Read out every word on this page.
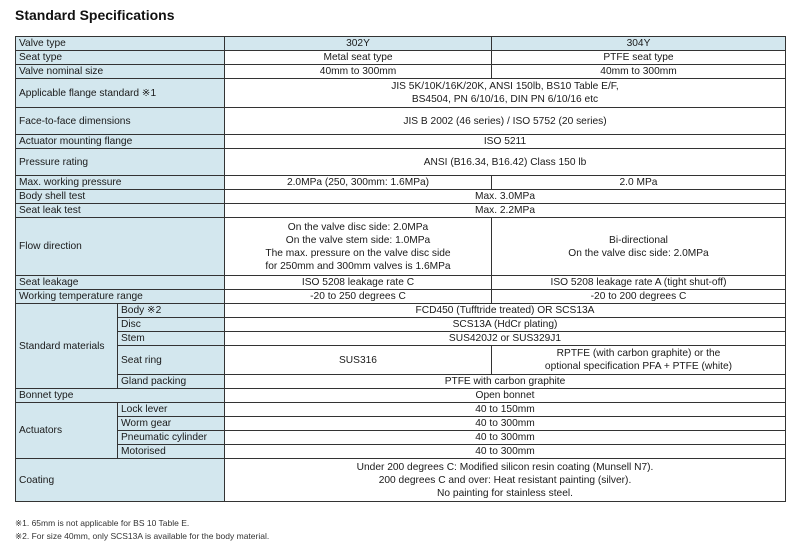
Standard Specifications
Valve type		302Y	304Y
Seat type		Metal seat type	PTFE seat type
Valve nominal size		40mm to 300mm	40mm to 300mm
Applicable flange standard ※1		JIS 5K/10K/16K/20K, ANSI 150lb, BS10 Table E/F,
BS4504, PN 6/10/16, DIN PN 6/10/16 etc	

Face-to-face dimensions		JIS B 2002 (46 series) / ISO 5752 (20 series)	
Actuator mounting flange		ISO 5211	
Pressure rating		ANSI (B16.34, B16.42) Class 150 lb	
Max. working pressure		2.0MPa (250, 300mm: 1.6MPa)	2.0 MPa
Body shell test		Max. 3.0MPa	
Seat leak test		Max. 2.2MPa	
Flow direction		On the valve disc side: 2.0MPa
On the valve stem side: 1.0MPa
The max. pressure on the valve disc side
for 250mm and 300mm valves is 1.6MPa	Bi-directional
On the valve disc side: 2.0MPa

Seat leakage		ISO 5208 leakage rate C	ISO 5208 leakage rate A (tight shut-off)
Working temperature range		-20 to 250 degrees C	-20 to 200 degrees C
Standard materials	Body ※2	FCD450 (Tufftride treated) OR SCS13A	
	Disc	SCS13A (HdCr plating)	
	Stem	SUS420J2 or SUS329J1	
	Seat ring	SUS316	RPTFE (with carbon graphite) or the
optional specification PFA + PTFE (white)

	Gland packing	PTFE with carbon graphite	
Bonnet type		Open bonnet	
Actuators	Lock lever	40 to 150mm	
	Worm gear	40 to 300mm	
	Pneumatic cylinder	40 to 300mm	
	Motorised	40 to 300mm	
Coating		Under 200 degrees C: Modified silicon resin coating (Munsell N7).
200 degrees C and over: Heat resistant painting (silver).
No painting for stainless steel.	
※1. 65mm is not applicable for BS 10 Table E.
※2. For size 40mm, only SCS13A is available for the body material.
